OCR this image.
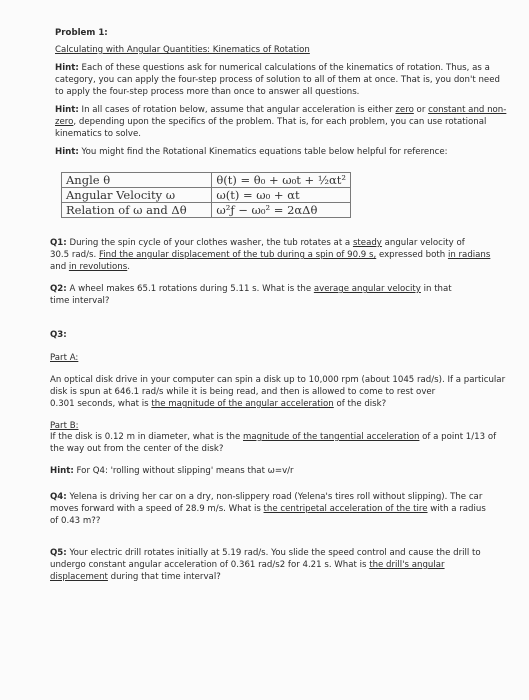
Problem 1:
Calculating with Angular Quantities: Kinematics of Rotation
Hint: Each of these questions ask for numerical calculations of the kinematics of rotation. Thus, as a
category, you can apply the four-step process of solution to all of them at once. That is, you don't need
to apply the four-step process more than once to answer all questions.
Hint: In all cases of rotation below, assume that angular acceleration is either zero or constant and non-
zero, depending upon the specifics of the problem. That is, for each problem, you can use rotational
kinematics to solve.
Hint: You might find the Rotational Kinematics equations table below helpful for reference:
Angle θ	θ(t) = θ₀ + ω₀t + ½αt²
Angular Velocity ω	ω(t) = ω₀ + αt
Relation of ω and Δθ	ω²ƒ − ω₀² = 2αΔθ
Q1: During the spin cycle of your clothes washer, the tub rotates at a steady angular velocity of
30.5 rad/s. Find the angular displacement of the tub during a spin of 90.9 s, expressed both in radians
and in revolutions.
Q2: A wheel makes 65.1 rotations during 5.11 s. What is the average angular velocity in that
time interval?
Q3:
Part A:
An optical disk drive in your computer can spin a disk up to 10,000 rpm (about 1045 rad/s). If a particular
disk is spun at 646.1 rad/s while it is being read, and then is allowed to come to rest over
0.301 seconds, what is the magnitude of the angular acceleration of the disk?
Part B:
If the disk is 0.12 m in diameter, what is the magnitude of the tangential acceleration of a point 1/13 of
the way out from the center of the disk?
Hint: For Q4: 'rolling without slipping' means that ω=v/r
Q4: Yelena is driving her car on a dry, non-slippery road (Yelena's tires roll without slipping). The car
moves forward with a speed of 28.9 m/s. What is the centripetal acceleration of the tire with a radius
of 0.43 m??
Q5: Your electric drill rotates initially at 5.19 rad/s. You slide the speed control and cause the drill to
undergo constant angular acceleration of 0.361 rad/s2 for 4.21 s. What is the drill's angular
displacement during that time interval?
